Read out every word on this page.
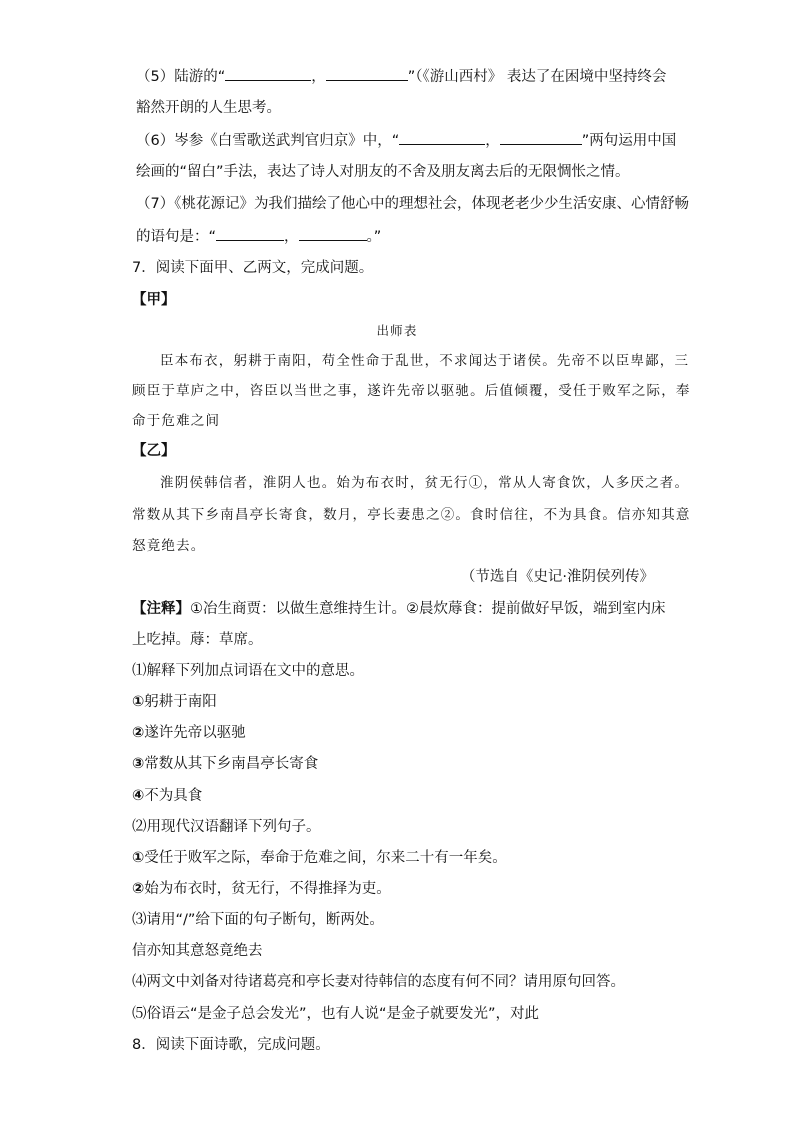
（5）陆游的“	，	”（《游山西村》 表达了在困境中坚持终会
豁然开朗的人生思考。
（6）岑参《白雪歌送武判官归京》中，“	，	”两句运用中国
绘画的“留白”手法，表达了诗人对朋友的不舍及朋友离去后的无限惆怅之情。
（7）《桃花源记》为我们描绘了他心中的理想社会，体现老老少少生活安康、心情舒畅
的语句是：“	，	。”
7．阅读下面甲、乙两文，完成问题。
【甲】
出师表
臣本布衣，躬耕于南阳，苟全性命于乱世，不求闻达于诸侯。先帝不以臣卑鄙，三
顾臣于草庐之中，咨臣以当世之事，遂许先帝以驱驰。后值倾覆，受任于败军之际，奉
命于危难之间
【乙】
淮阴侯韩信者，淮阴人也。始为布衣时，贫无行①，常从人寄食饮，人多厌之者。
常数从其下乡南昌亭长寄食，数月，亭长妻患之②。食时信往，不为具食。信亦知其意
怒竟绝去。
（节选自《史记·淮阴侯列传》
【注释】①冶生商贾：以做生意维持生计。②晨炊蓐食：提前做好早饭，端到室内床
上吃掉。蓐：草席。
⑴解释下列加点词语在文中的意思。
①躬耕于南阳
②遂许先帝以驱驰
③常数从其下乡南昌亭长寄食
④不为具食
⑵用现代汉语翻译下列句子。
①受任于败军之际，奉命于危难之间，尔来二十有一年矣。
②始为布衣时，贫无行，不得推择为吏。
⑶请用“/”给下面的句子断句，断两处。
信亦知其意怒竟绝去
⑷两文中刘备对待诸葛亮和亭长妻对待韩信的态度有何不同？请用原句回答。
⑸俗语云“是金子总会发光”，也有人说“是金子就要发光”，对此
8．阅读下面诗歌，完成问题。
